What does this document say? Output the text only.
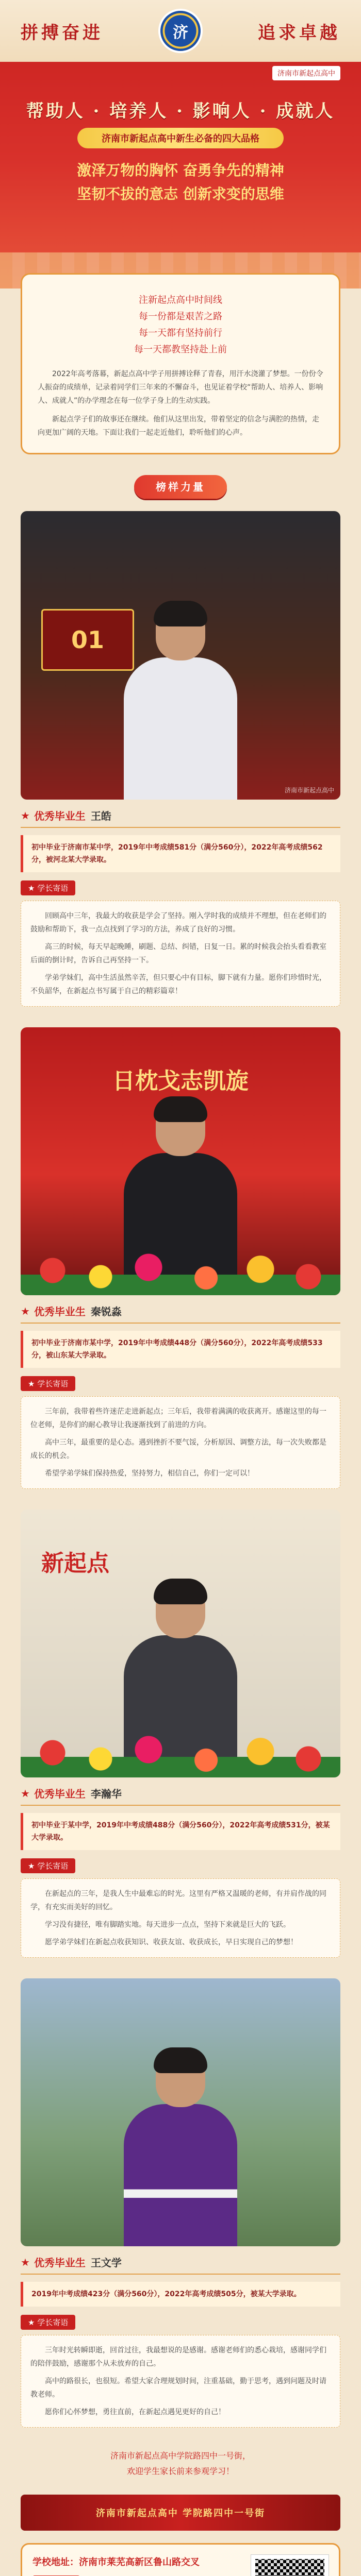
拼搏奋进	济	追求卓越
济南市新起点高中
帮助人 · 培养人 · 影响人 · 成就人
济南市新起点高中新生必备的四大品格
激泽万物的胸怀 奋勇争先的精神
坚韧不拔的意志 创新求变的思维
注新起点高中时间线
每一份都是艰苦之路
每一天都有坚持前行
每一天都教坚持赴上前

2022年高考落幕，新起点高中学子用拼搏诠释了青春，用汗水浇灌了梦想。一份份令人振奋的成绩单，记录着同学们三年来的不懈奋斗，也见证着学校“帮助人、培养人、影响人、成就人”的办学理念在每一位学子身上的生动实践。

新起点学子们的故事还在继续。他们从这里出发，带着坚定的信念与满腔的热情，走向更加广阔的天地。下面让我们一起走近他们，聆听他们的心声。

榜样力量
01
济南市新起点高中
★ 优秀毕业生 王皓
初中毕业于济南市某中学，2019年中考成绩581分（满分560分），2022年高考成绩562分，被河北某大学录取。
★ 学长寄语

回顾高中三年，我最大的收获是学会了坚持。刚入学时我的成绩并不理想，但在老师们的鼓励和帮助下，我一点点找到了学习的方法，养成了良好的习惯。

高三的时候，每天早起晚睡，刷题、总结、纠错，日复一日。累的时候我会抬头看看教室后面的倒计时，告诉自己再坚持一下。

学弟学妹们，高中生活虽然辛苦，但只要心中有目标，脚下就有力量。愿你们珍惜时光，不负韶华，在新起点书写属于自己的精彩篇章！

日枕戈志凯旋
★ 优秀毕业生 秦锐淼
初中毕业于济南市某中学，2019年中考成绩448分（满分560分），2022年高考成绩533分，被山东某大学录取。
★ 学长寄语

三年前，我带着些许迷茫走进新起点；三年后，我带着满满的收获离开。感谢这里的每一位老师，是你们的耐心教导让我逐渐找到了前进的方向。

高中三年，最重要的是心态。遇到挫折不要气馁，分析原因、调整方法，每一次失败都是成长的机会。

希望学弟学妹们保持热爱，坚持努力，相信自己，你们一定可以！

新起点
★ 优秀毕业生 李瀚华
初中毕业于某中学，2019年中考成绩488分（满分560分），2022年高考成绩531分，被某大学录取。
★ 学长寄语

在新起点的三年，是我人生中最难忘的时光。这里有严格又温暖的老师，有并肩作战的同学，有充实而美好的回忆。

学习没有捷径，唯有脚踏实地。每天进步一点点，坚持下来就是巨大的飞跃。

愿学弟学妹们在新起点收获知识、收获友谊、收获成长，早日实现自己的梦想！

★ 优秀毕业生 王文学
2019年中考成绩423分（满分560分），2022年高考成绩505分，被某大学录取。
★ 学长寄语

三年时光转瞬即逝，回首过往，我最想说的是感谢。感谢老师们的悉心栽培，感谢同学们的陪伴鼓励，感谢那个从未放弃的自己。

高中的路很长，也很短。希望大家合理规划时间，注重基础，勤于思考，遇到问题及时请教老师。

愿你们心怀梦想，勇往直前，在新起点遇见更好的自己！

济南市新起点高中学院路四中一号街，
欢迎学生家长前来参观学习！
济南市新起点高中 学院路四中一号街
学校地址：济南市莱芜高新区鲁山路交叉
